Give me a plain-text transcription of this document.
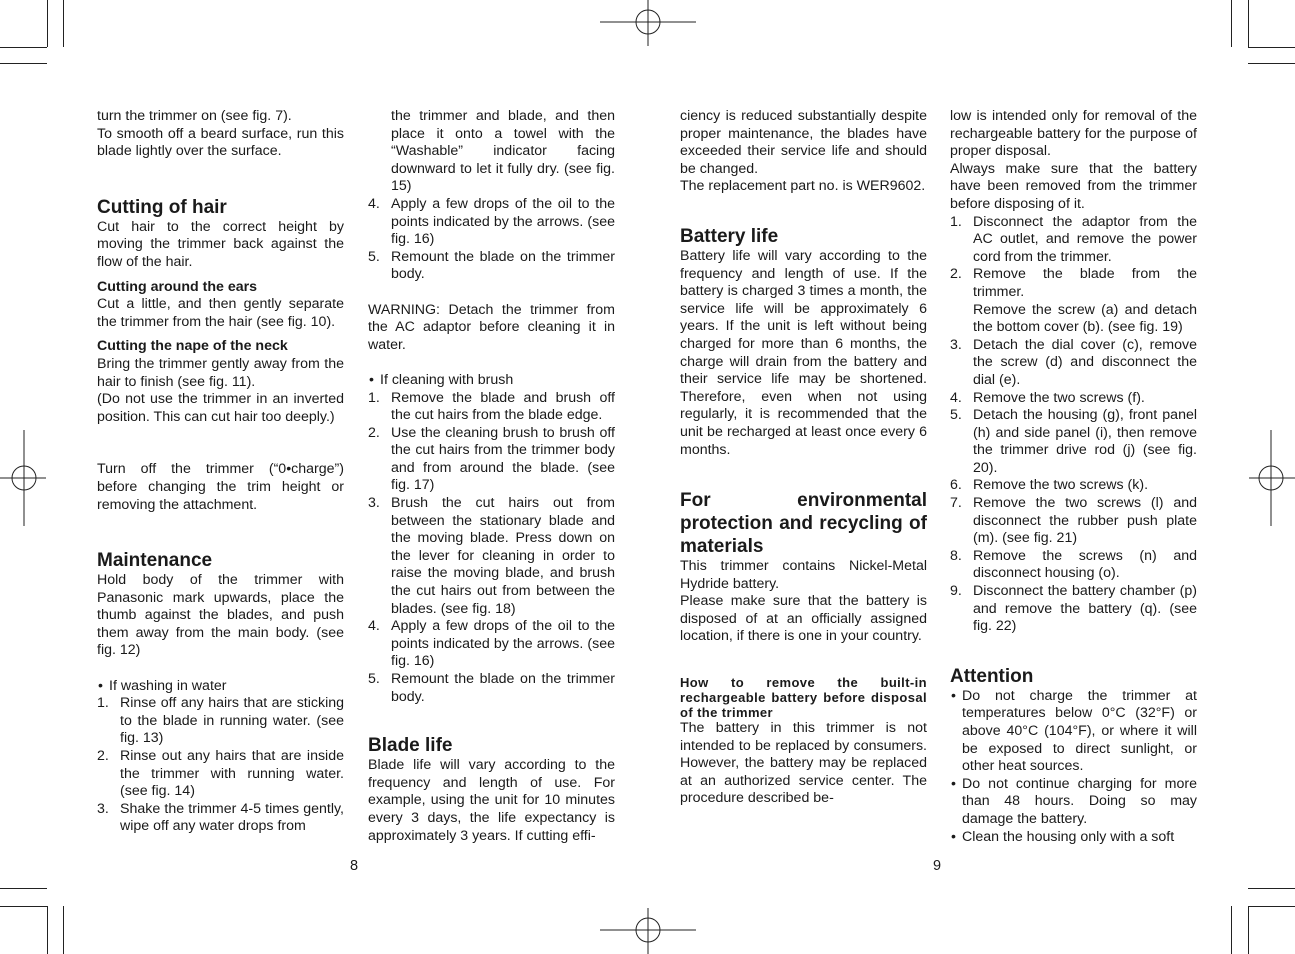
turn the trimmer on (see fig. 7).

To smooth off a beard surface, run this blade lightly over the surface.

Cutting of hair

Cut hair to the correct height by moving the trimmer back against the flow of the hair.

Cutting around the ears

Cut a little, and then gently separate the trimmer from the hair (see fig. 10).

Cutting the nape of the neck

Bring the trimmer gently away from the hair to finish (see fig. 11).

(Do not use the trimmer in an inverted position. This can cut hair too deeply.)

Turn off the trimmer (“0•charge”) before changing the trim height or removing the attachment.

Maintenance

Hold body of the trimmer with Panasonic mark upwards, place the thumb against the blades, and push them away from the main body. (see fig. 12)

• If washing in water

1. Rinse off any hairs that are sticking to the blade in running water. (see fig. 13)
2. Rinse out any hairs that are inside the trimmer with running water. (see fig. 14)
3. Shake the trimmer 4-5 times gently, wipe off any water drops from

the trimmer and blade, and then place it onto a towel with the “Washable” indicator facing downward to let it fully dry. (see fig. 15)

4. Apply a few drops of the oil to the points indicated by the arrows. (see fig. 16)
5. Remount the blade on the trimmer body.

WARNING: Detach the trimmer from the AC adaptor before cleaning it in water.

• If cleaning with brush

1. Remove the blade and brush off the cut hairs from the blade edge.
2. Use the cleaning brush to brush off the cut hairs from the trimmer body and from around the blade. (see fig. 17)
3. Brush the cut hairs out from between the stationary blade and the moving blade. Press down on the lever for cleaning in order to raise the moving blade, and brush the cut hairs out from between the blades. (see fig. 18)
4. Apply a few drops of the oil to the points indicated by the arrows. (see fig. 16)
5. Remount the blade on the trimmer body.
Blade life

Blade life will vary according to the frequency and length of use. For example, using the unit for 10 minutes every 3 days, the life expectancy is approximately 3 years. If cutting effi-

ciency is reduced substantially despite proper maintenance, the blades have exceeded their service life and should be changed.

The replacement part no. is WER9602.

Battery life

Battery life will vary according to the frequency and length of use. If the battery is charged 3 times a month, the service life will be approximately 6 years. If the unit is left without being charged for more than 6 months, the charge will drain from the battery and their service life may be shortened. Therefore, even when not using regularly, it is recommended that the unit be recharged at least once every 6 months.

For environmental protection and recycling of materials

This trimmer contains Nickel-Metal Hydride battery.

Please make sure that the battery is disposed of at an officially assigned location, if there is one in your country.

How to remove the built-in rechargeable battery before disposal of the trimmer

The battery in this trimmer is not intended to be replaced by consumers. However, the battery may be replaced at an authorized service center. The procedure described be-

low is intended only for removal of the rechargeable battery for the purpose of proper disposal.

Always make sure that the battery have been removed from the trimmer before disposing of it.

1. Disconnect the adaptor from the AC outlet, and remove the power cord from the trimmer.
2. Remove the blade from the trimmer.
Remove the screw (a) and detach the bottom cover (b). (see fig. 19)
3. Detach the dial cover (c), remove the screw (d) and disconnect the dial (e).
4. Remove the two screws (f).
5. Detach the housing (g), front panel (h) and side panel (i), then remove the trimmer drive rod (j) (see fig. 20).
6. Remove the two screws (k).
7. Remove the two screws (l) and disconnect the rubber push plate (m). (see fig. 21)
8. Remove the screws (n) and disconnect housing (o).
9. Disconnect the battery chamber (p) and remove the battery (q). (see fig. 22)
Attention
• Do not charge the trimmer at temperatures below 0°C (32°F) or above 40°C (104°F), or where it will be exposed to direct sunlight, or other heat sources.
• Do not continue charging for more than 48 hours. Doing so may damage the battery.
• Clean the housing only with a soft
8	9
